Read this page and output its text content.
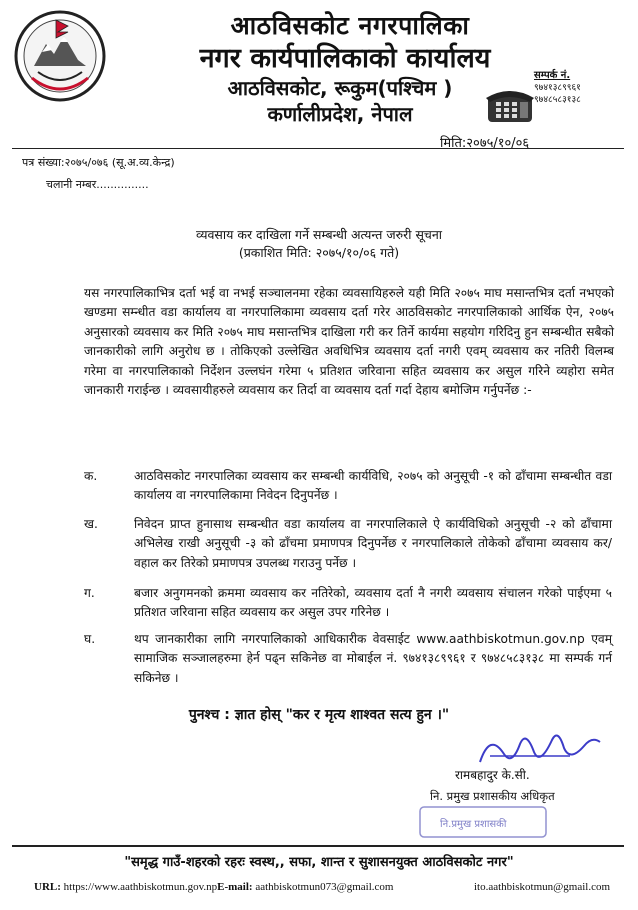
आठविसकोट नगरपालिका
नगर कार्यपालिकाको कार्यालय
आठविसकोट, रूकुम(पश्चिम )
कर्णालीप्रदेश, नेपाल
सम्पर्क नं.
९७४१३८९९६१
९७४८५८३१३८
मिति:२०७५/१०/०६
पत्र संख्या:२०७५/०७६ (सू.अ.व्य.केन्द्र)
चलानी नम्बर...............
व्यवसाय कर दाखिला गर्ने सम्बन्धी अत्यन्त जरुरी सूचना
(प्रकाशित मिति: २०७५/१०/०६ गते)
यस नगरपालिकाभित्र दर्ता भई वा नभई सञ्चालनमा रहेका व्यवसायिहरुले यही मिति २०७५ माघ मसान्तभित्र दर्ता नभएको खण्डमा सम्न्धीत वडा कार्यालय वा नगरपालिकामा व्यवसाय दर्ता गरेर आठविसकोट नगरपालिकाको आर्थिक ऐन, २०७५ अनुसारको व्यवसाय कर मिति २०७५ माघ मसान्तभित्र दाखिला गरी कर तिर्ने कार्यमा सहयोग गरिदिनु हुन सम्बन्धीत सबैको जानकारीको लागि अनुरोध छ । तोकिएको उल्लेखित अवधिभित्र व्यवसाय दर्ता नगरी एवम् व्यवसाय कर नतिरी विलम्ब गरेमा वा नगरपालिकाको निर्देशन उल्लघंन गरेमा ५ प्रतिशत जरिवाना सहित व्यवसाय कर असुल गरिने व्यहोरा समेत जानकारी गराईन्छ । व्यवसायीहरुले व्यवसाय कर तिर्दा वा व्यवसाय दर्ता गर्दा देहाय बमोजिम गर्नुपर्नेछ :-
क.	आठविसकोट नगरपालिका व्यवसाय कर सम्बन्धी कार्यविधि, २०७५ को अनुसूची -१ को ढाँचामा सम्बन्धीत वडा कार्यालय वा नगरपालिकामा निवेदन दिनुपर्नेछ ।
ख.	निवेदन प्राप्त हुनासाथ सम्बन्धीत वडा कार्यालय वा नगरपालिकाले ऐ कार्यविधिको अनुसूची -२ को ढाँचामा अभिलेख राखी अनुसूची -३ को ढाँचमा प्रमाणपत्र दिनुपर्नेछ र नगरपालिकाले तोकेको ढाँचामा व्यवसाय कर/वहाल कर तिरेको प्रमाणपत्र उपलब्ध गराउनु पर्नेछ ।
ग.	बजार अनुगमनको क्रममा व्यवसाय कर नतिरेको, व्यवसाय दर्ता नै नगरी व्यवसाय संचालन गरेको पाईएमा ५ प्रतिशत जरिवाना सहित व्यवसाय कर असुल उपर गरिनेछ ।
घ.	थप जानकारीका लागि नगरपालिकाको आधिकारीक वेवसाईट www.aathbiskotmun.gov.np एवम् सामाजिक सञ्जालहरुमा हेर्न पढ्न सकिनेछ वा मोबाईल नं. ९७४१३८९९६१ र ९७४८५८३१३८ मा सम्पर्क गर्न सकिनेछ ।
पुनश्च : ज्ञात होस् "कर र मृत्य शाश्वत सत्य हुन ।"
रामबहादुर के.सी.
नि. प्रमुख प्रशासकीय अधिकृत
नि.प्रमुख प्रशासकी
"समृद्ध गाउँ-शहरको रहरः स्वस्थ,, सफा, शान्त र सुशासनयुक्त आठविसकोट नगर"
URL: https://www.aathbiskotmun.gov.npE-mail: aathbiskotmun073@gmail.com	ito.aathbiskotmun@gmail.com
